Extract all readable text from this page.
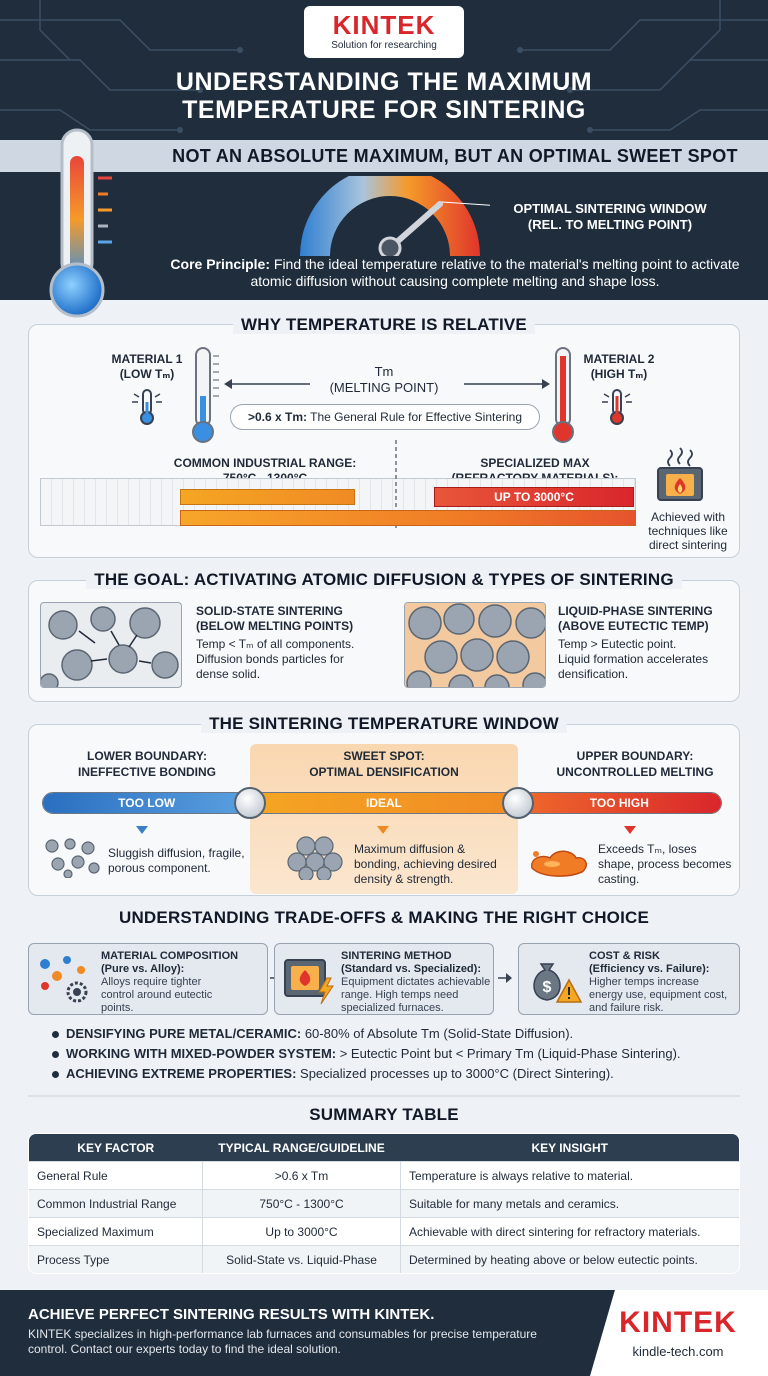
KINTEK
Solution for researching
UNDERSTANDING THE MAXIMUM
TEMPERATURE FOR SINTERING
NOT AN ABSOLUTE MAXIMUM, BUT AN OPTIMAL SWEET SPOT
OPTIMAL SINTERING WINDOW
(REL. TO MELTING POINT)
Core Principle: Find the ideal temperature relative to the material's melting point to activate atomic diffusion without causing complete melting and shape loss.
WHY TEMPERATURE IS RELATIVE
MATERIAL 1
(LOW Tₘ)	Tm
(MELTING POINT)
>0.6 x Tm: The General Rule for Effective Sintering
MATERIAL 2
(HIGH Tₘ)
COMMON INDUSTRIAL RANGE:	SPECIALIZED MAX
UP TO 3000°C
Achieved with
techniques like
direct sintering
THE GOAL: ACTIVATING ATOMIC DIFFUSION & TYPES OF SINTERING
SOLID-STATE SINTERING
(BELOW MELTING POINTS)
Temp < Tₘ of all components.
Diffusion bonds particles for
dense solid.
LIQUID-PHASE SINTERING
(ABOVE EUTECTIC TEMP)
Temp > Eutectic point.
Liquid formation accelerates
densification.
THE SINTERING TEMPERATURE WINDOW
LOWER BOUNDARY:
INEFFECTIVE BONDING
SWEET SPOT:
OPTIMAL DENSIFICATION
UPPER BOUNDARY:
UNCONTROLLED MELTING
TOO LOW	IDEAL	TOO HIGH
Sluggish diffusion, fragile,
porous component.
Maximum diffusion &
bonding, achieving desired
density & strength.
Exceeds Tₘ, loses
shape, process becomes
casting.
UNDERSTANDING TRADE-OFFS & MAKING THE RIGHT CHOICE
MATERIAL COMPOSITION
(Pure vs. Alloy):
Alloys require tighter
control around eutectic
points.
SINTERING METHOD
(Standard vs. Specialized):
Equipment dictates achievable
range. High temps need
specialized furnaces.
$
COST & RISK
(Efficiency vs. Failure):
Higher temps increase
energy use, equipment cost,
and failure risk.
DENSIFYING PURE METAL/CERAMIC: 60-80% of Absolute Tm (Solid-State Diffusion).
WORKING WITH MIXED-POWDER SYSTEM: > Eutectic Point but < Primary Tm (Liquid-Phase Sintering).
ACHIEVING EXTREME PROPERTIES: Specialized processes up to 3000°C (Direct Sintering).
SUMMARY TABLE
KEY FACTOR	TYPICAL RANGE/GUIDELINE	KEY INSIGHT
General Rule	>0.6 x Tm	Temperature is always relative to material.
Common Industrial Range	750°C - 1300°C	Suitable for many metals and ceramics.
Specialized Maximum	Up to 3000°C	Achievable with direct sintering for refractory materials.
Process Type	Solid-State vs. Liquid-Phase	Determined by heating above or below eutectic points.
ACHIEVE PERFECT SINTERING RESULTS WITH KINTEK.
KINTEK specializes in high-performance lab furnaces and consumables for precise temperature control. Contact our experts today to find the ideal solution.
KINTEK
kindle-tech.com
